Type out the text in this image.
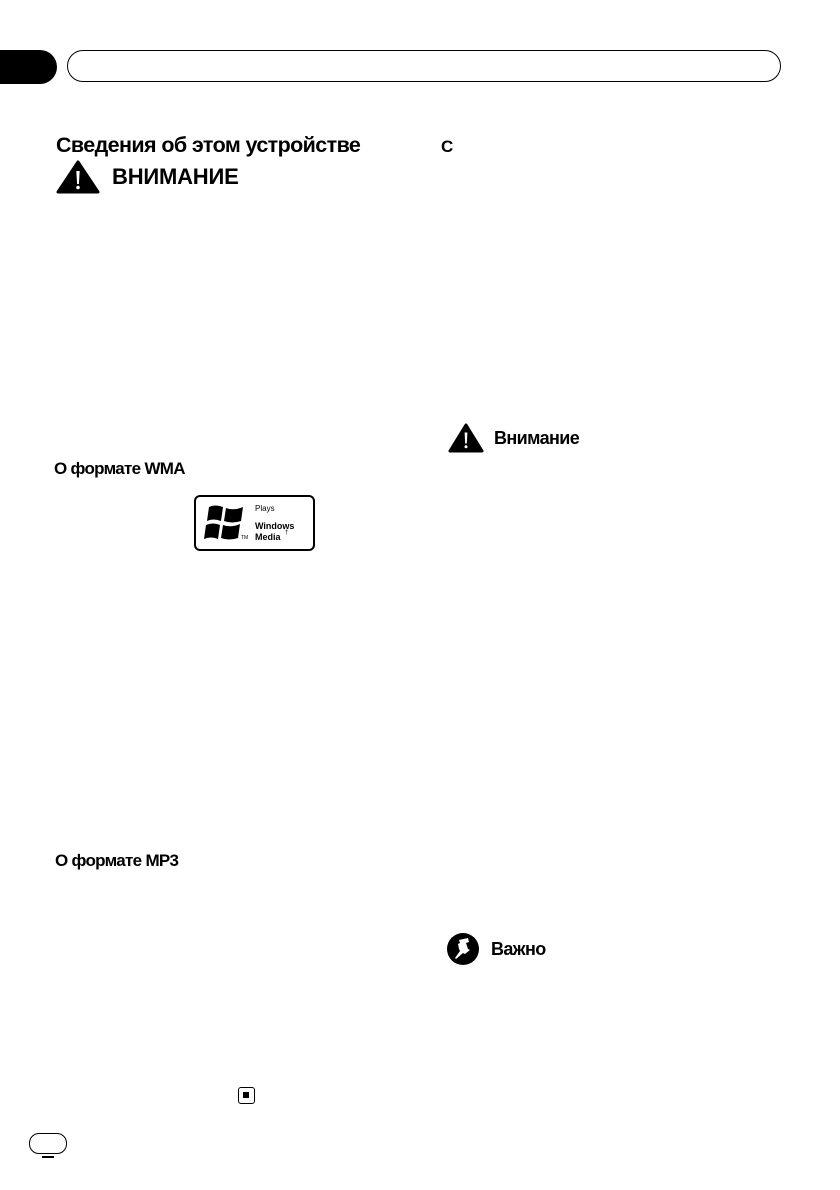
Сведения об этом устройстве
ВНИМАНИЕ
О формате WMA
TM
Plays
Windows
Media †
О формате MP3
C
Внимание
Важно
